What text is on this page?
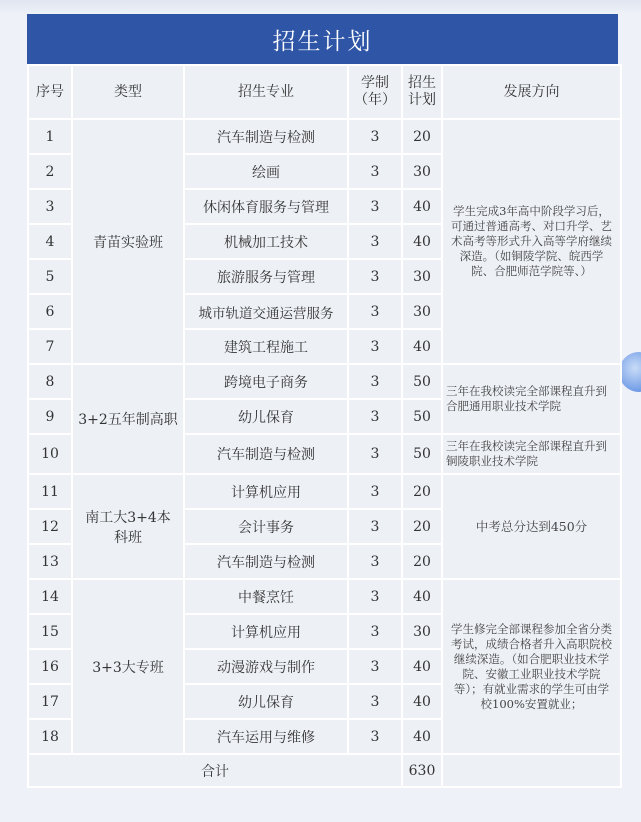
招生计划
序号	类型	招生专业	学制（年）	招生计划	发展方向
1	青苗实验班	汽车制造与检测	3	20	学生完成3年高中阶段学习后，可通过普通高考、对口升学、艺术高考等形式升入高等学府继续深造。（如铜陵学院、皖西学院、合肥师范学院等、）
2		绘画	3	30	
3		休闲体育服务与管理	3	40	
4		机械加工技术	3	40	
5		旅游服务与管理	3	30	
6		城市轨道交通运营服务	3	30	
7		建筑工程施工	3	40	
8	3+2五年制高职	跨境电子商务	3	50	三年在我校读完全部课程直升到合肥通用职业技术学院
9		幼儿保育	3	50	
10		汽车制造与检测	3	50	三年在我校读完全部课程直升到铜陵职业技术学院
11	南工大3+4本科班	计算机应用	3	20	中考总分达到450分
12		会计事务	3	20	
13		汽车制造与检测	3	20	
14	3+3大专班	中餐烹饪	3	40	学生修完全部课程参加全省分类考试，成绩合格者升入高职院校继续深造。（如合肥职业技术学院、安徽工业职业技术学院等）；有就业需求的学生可由学校100%安置就业；
15		计算机应用	3	30	
16		动漫游戏与制作	3	40	
17		幼儿保育	3	40	
18		汽车运用与维修	3	40	
合计				630	
